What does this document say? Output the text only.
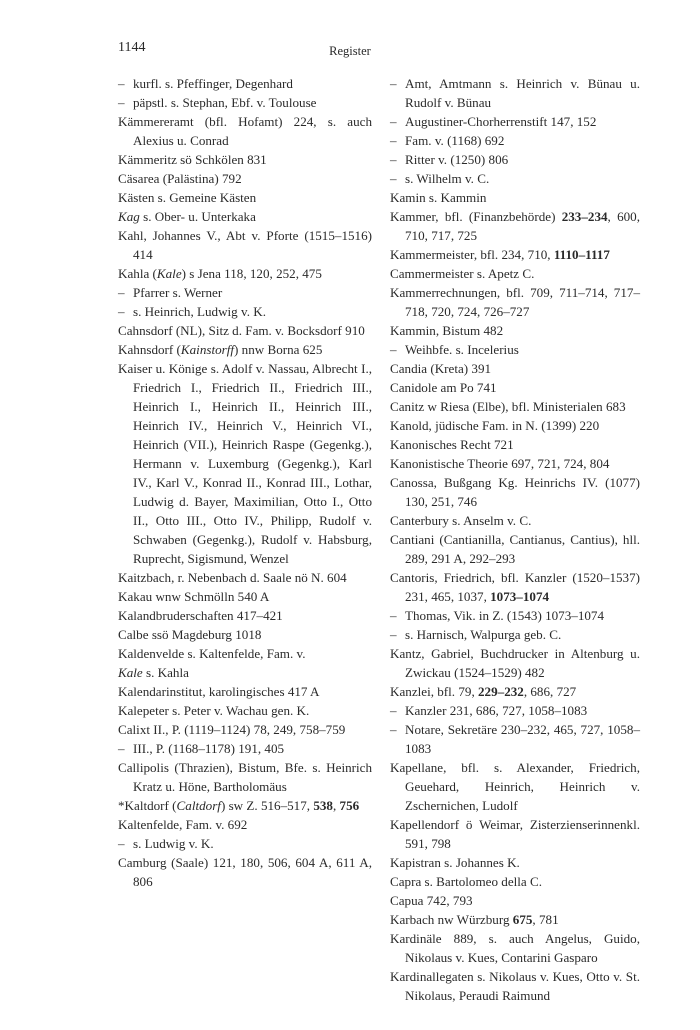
1144	Register
– kurfl. s. Pfeffinger, Degenhard
– päpstl. s. Stephan, Ebf. v. Toulouse
Kämmereramt (bfl. Hofamt) 224, s. auch Alexius u. Conrad
Kämmeritz sö Schkölen 831
Cäsarea (Palästina) 792
Kästen s. Gemeine Kästen
Kag s. Ober- u. Unterkaka
Kahl, Johannes V., Abt v. Pforte (1515–1516) 414
Kahla (Kale) s Jena 118, 120, 252, 475
– Pfarrer s. Werner
– s. Heinrich, Ludwig v. K.
Cahnsdorf (NL), Sitz d. Fam. v. Bocksdorf 910
Kahnsdorf (Kainstorff) nnw Borna 625
Kaiser u. Könige s. Adolf v. Nassau, Albrecht I., Friedrich I., Friedrich II., Friedrich III., Heinrich I., Heinrich II., Heinrich III., Heinrich IV., Heinrich V., Heinrich VI., Heinrich (VII.), Heinrich Raspe (Gegenkg.), Hermann v. Luxemburg (Gegenkg.), Karl IV., Karl V., Konrad II., Konrad III., Lothar, Ludwig d. Bayer, Maximilian, Otto I., Otto II., Otto III., Otto IV., Philipp, Rudolf v. Schwaben (Gegenkg.), Rudolf v. Habsburg, Ruprecht, Sigismund, Wenzel
Kaitzbach, r. Nebenbach d. Saale nö N. 604
Kakau wnw Schmölln 540 A
Kalandbruderschaften 417–421
Calbe ssö Magdeburg 1018
Kaldenvelde s. Kaltenfelde, Fam. v.
Kale s. Kahla
Kalendarinstitut, karolingisches 417 A
Kalepeter s. Peter v. Wachau gen. K.
Calixt II., P. (1119–1124) 78, 249, 758–759
– III., P. (1168–1178) 191, 405
Callipolis (Thrazien), Bistum, Bfe. s. Heinrich Kratz u. Höne, Bartholomäus
*Kaltdorf (Caltdorf) sw Z. 516–517, 538, 756
Kaltenfelde, Fam. v. 692
– s. Ludwig v. K.
Camburg (Saale) 121, 180, 506, 604 A, 611 A, 806
– Amt, Amtmann s. Heinrich v. Bünau u. Rudolf v. Bünau
– Augustiner-Chorherrenstift 147, 152
– Fam. v. (1168) 692
– Ritter v. (1250) 806
– s. Wilhelm v. C.
Kamin s. Kammin
Kammer, bfl. (Finanzbehörde) 233–234, 600, 710, 717, 725
Kammermeister, bfl. 234, 710, 1110–1117
Cammermeister s. Apetz C.
Kammerrechnungen, bfl. 709, 711–714, 717–718, 720, 724, 726–727
Kammin, Bistum 482
– Weihbfe. s. Incelerius
Candia (Kreta) 391
Canidole am Po 741
Canitz w Riesa (Elbe), bfl. Ministerialen 683
Kanold, jüdische Fam. in N. (1399) 220
Kanonisches Recht 721
Kanonistische Theorie 697, 721, 724, 804
Canossa, Bußgang Kg. Heinrichs IV. (1077) 130, 251, 746
Canterbury s. Anselm v. C.
Cantiani (Cantianilla, Cantianus, Cantius), hll. 289, 291 A, 292–293
Cantoris, Friedrich, bfl. Kanzler (1520–1537) 231, 465, 1037, 1073–1074
– Thomas, Vik. in Z. (1543) 1073–1074
– s. Harnisch, Walpurga geb. C.
Kantz, Gabriel, Buchdrucker in Altenburg u. Zwickau (1524–1529) 482
Kanzlei, bfl. 79, 229–232, 686, 727
– Kanzler 231, 686, 727, 1058–1083
– Notare, Sekretäre 230–232, 465, 727, 1058–1083
Kapellane, bfl. s. Alexander, Friedrich, Geuehard, Heinrich, Heinrich v. Zschernichen, Ludolf
Kapellendorf ö Weimar, Zisterzienserinnenkl. 591, 798
Kapistran s. Johannes K.
Capra s. Bartolomeo della C.
Capua 742, 793
Karbach nw Würzburg 675, 781
Kardinäle 889, s. auch Angelus, Guido, Nikolaus v. Kues, Contarini Gasparo
Kardinallegaten s. Nikolaus v. Kues, Otto v. St. Nikolaus, Peraudi Raimund
